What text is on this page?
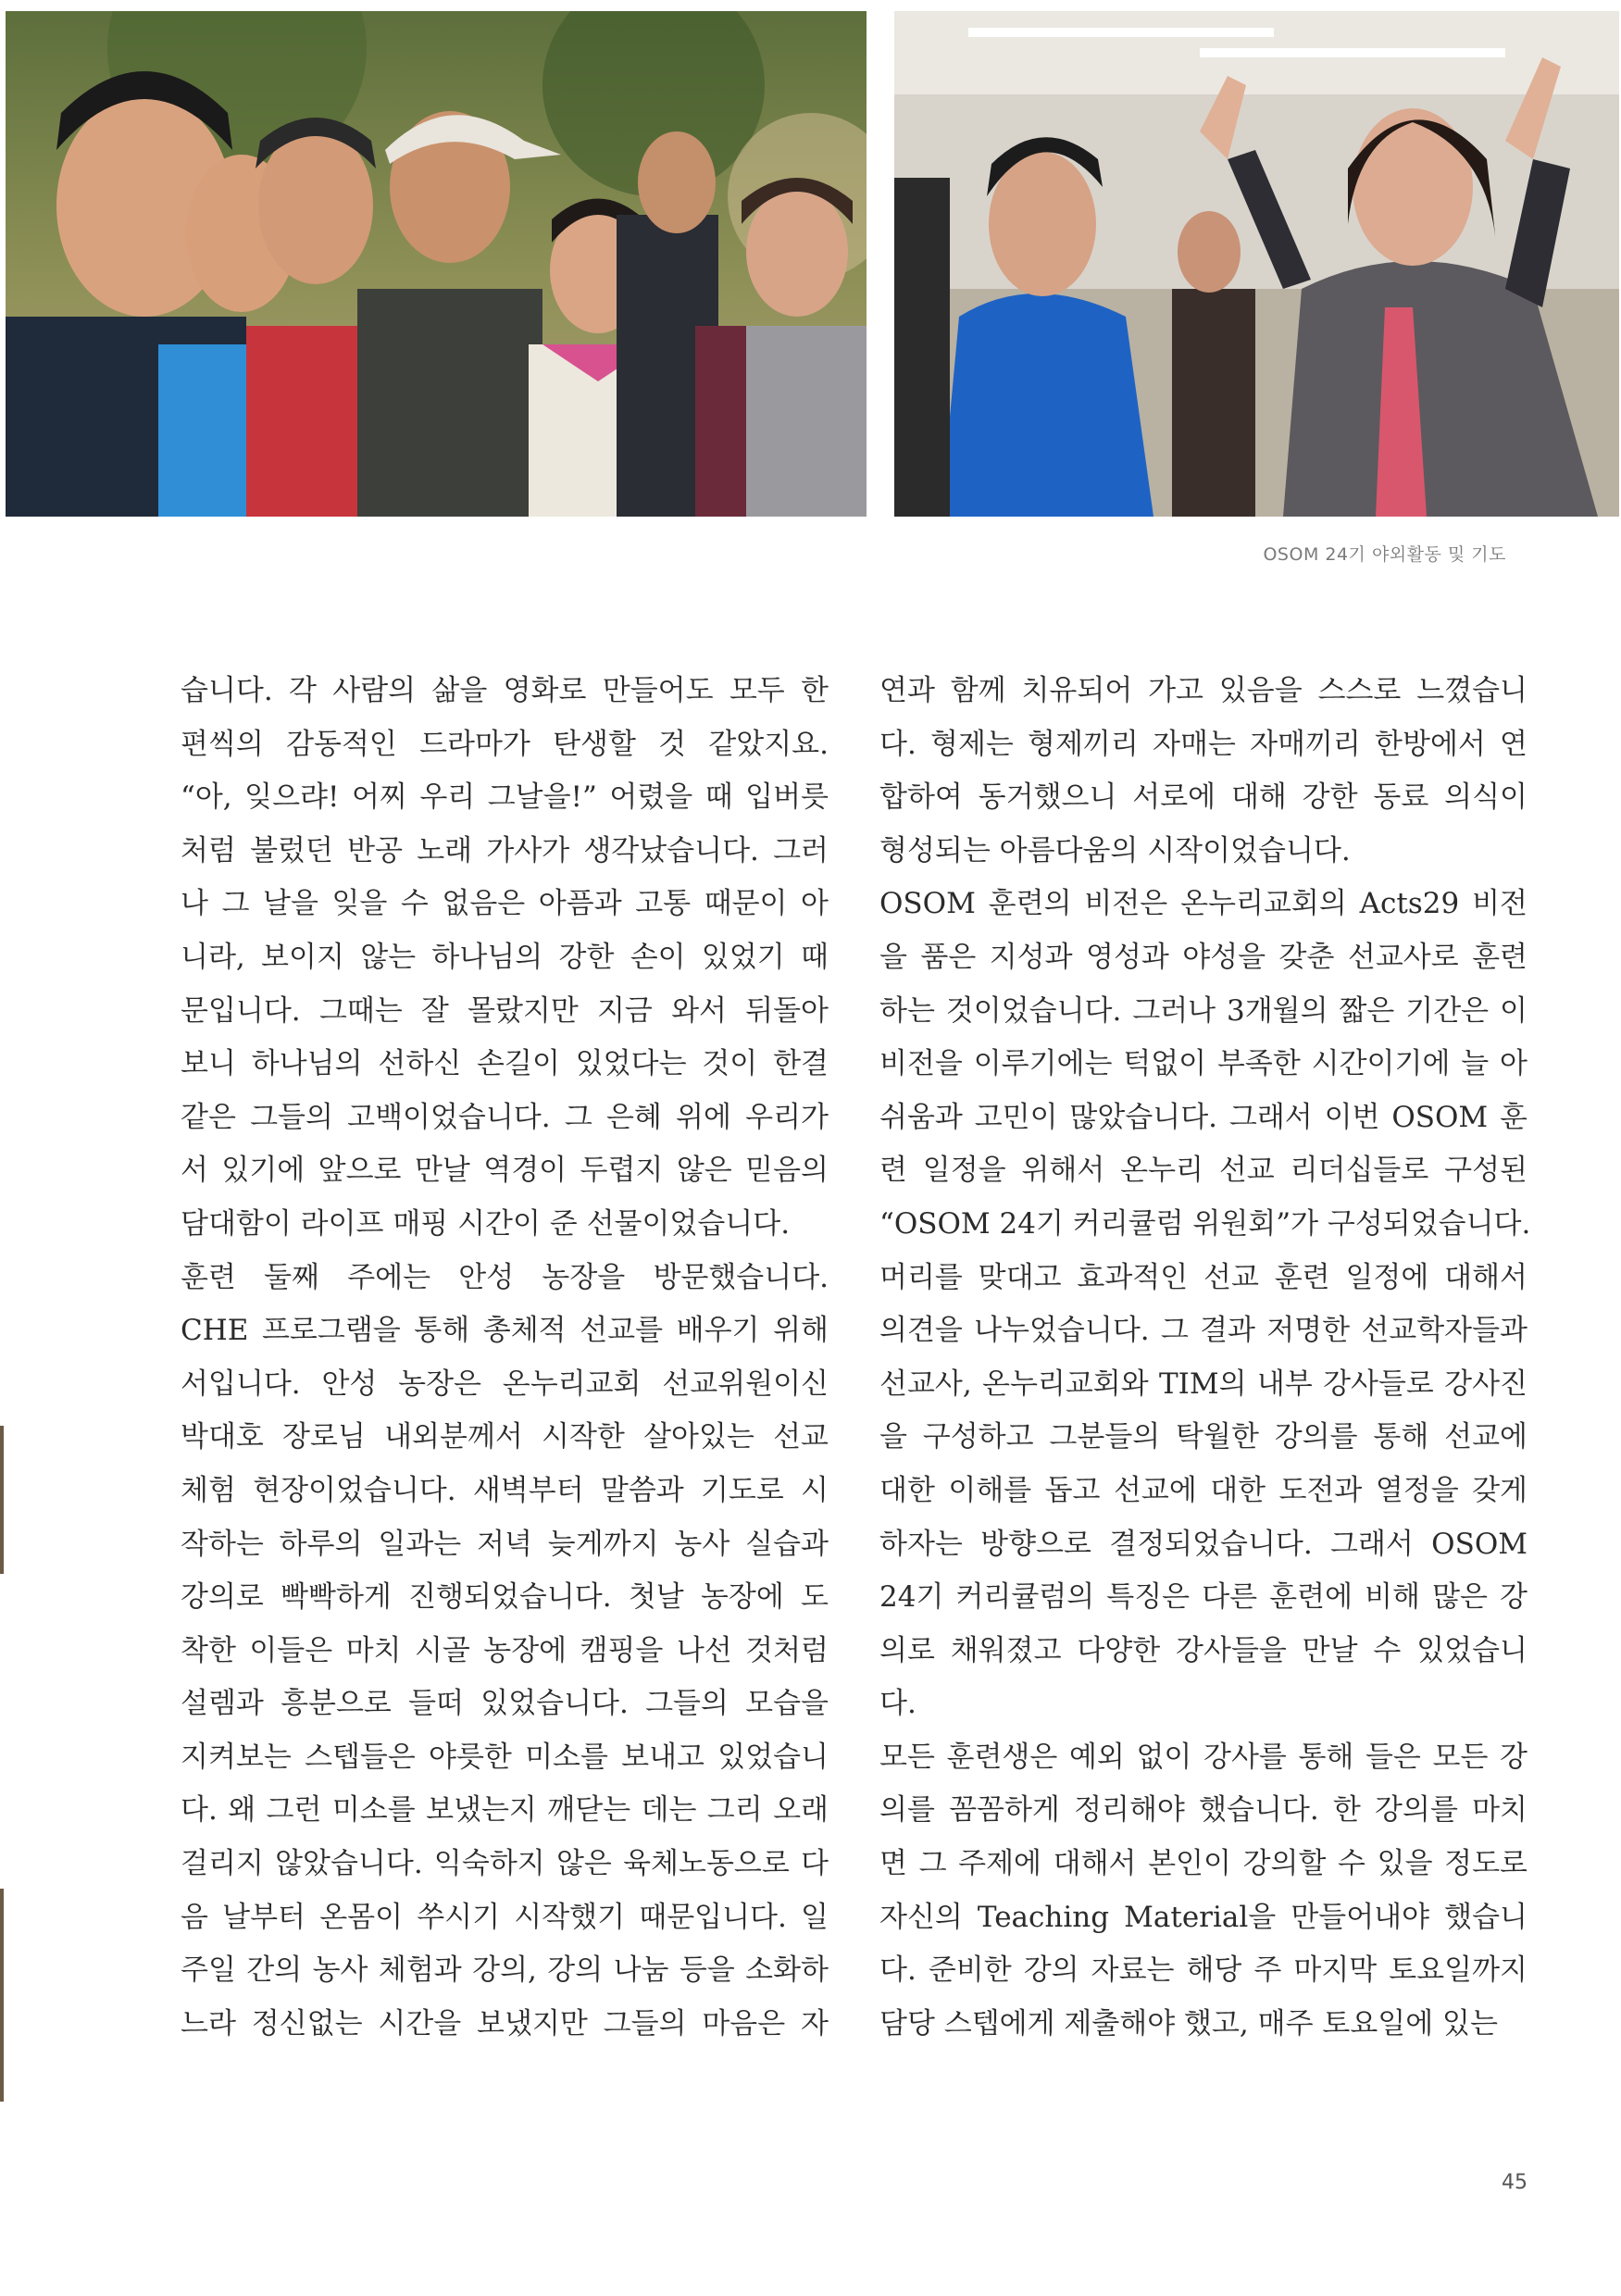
OSOM 24기 야외활동 및 기도
습니다. 각 사람의 삶을 영화로 만들어도 모두 한
편씩의 감동적인 드라마가 탄생할 것 같았지요.
“아, 잊으랴! 어찌 우리 그날을!” 어렸을 때 입버릇
처럼 불렀던 반공 노래 가사가 생각났습니다. 그러
나 그 날을 잊을 수 없음은 아픔과 고통 때문이 아
니라, 보이지 않는 하나님의 강한 손이 있었기 때
문입니다. 그때는 잘 몰랐지만 지금 와서 뒤돌아
보니 하나님의 선하신 손길이 있었다는 것이 한결
같은 그들의 고백이었습니다. 그 은혜 위에 우리가
서 있기에 앞으로 만날 역경이 두렵지 않은 믿음의
담대함이 라이프 매핑 시간이 준 선물이었습니다.
훈련 둘째 주에는 안성 농장을 방문했습니다.
CHE 프로그램을 통해 총체적 선교를 배우기 위해
서입니다. 안성 농장은 온누리교회 선교위원이신
박대호 장로님 내외분께서 시작한 살아있는 선교
체험 현장이었습니다. 새벽부터 말씀과 기도로 시
작하는 하루의 일과는 저녁 늦게까지 농사 실습과
강의로 빡빡하게 진행되었습니다. 첫날 농장에 도
착한 이들은 마치 시골 농장에 캠핑을 나선 것처럼
설렘과 흥분으로 들떠 있었습니다. 그들의 모습을
지켜보는 스텝들은 야릇한 미소를 보내고 있었습니
다. 왜 그런 미소를 보냈는지 깨닫는 데는 그리 오래
걸리지 않았습니다. 익숙하지 않은 육체노동으로 다
음 날부터 온몸이 쑤시기 시작했기 때문입니다. 일
주일 간의 농사 체험과 강의, 강의 나눔 등을 소화하
느라 정신없는 시간을 보냈지만 그들의 마음은 자
연과 함께 치유되어 가고 있음을 스스로 느꼈습니
다. 형제는 형제끼리 자매는 자매끼리 한방에서 연
합하여 동거했으니 서로에 대해 강한 동료 의식이
형성되는 아름다움의 시작이었습니다.
OSOM 훈련의 비전은 온누리교회의 Acts29 비전
을 품은 지성과 영성과 야성을 갖춘 선교사로 훈련
하는 것이었습니다. 그러나 3개월의 짧은 기간은 이
비전을 이루기에는 턱없이 부족한 시간이기에 늘 아
쉬움과 고민이 많았습니다. 그래서 이번 OSOM 훈
련 일정을 위해서 온누리 선교 리더십들로 구성된
“OSOM 24기 커리큘럼 위원회”가 구성되었습니다.
머리를 맞대고 효과적인 선교 훈련 일정에 대해서
의견을 나누었습니다. 그 결과 저명한 선교학자들과
선교사, 온누리교회와 TIM의 내부 강사들로 강사진
을 구성하고 그분들의 탁월한 강의를 통해 선교에
대한 이해를 돕고 선교에 대한 도전과 열정을 갖게
하자는 방향으로 결정되었습니다. 그래서 OSOM
24기 커리큘럼의 특징은 다른 훈련에 비해 많은 강
의로 채워졌고 다양한 강사들을 만날 수 있었습니
다.
모든 훈련생은 예외 없이 강사를 통해 들은 모든 강
의를 꼼꼼하게 정리해야 했습니다. 한 강의를 마치
면 그 주제에 대해서 본인이 강의할 수 있을 정도로
자신의 Teaching Material을 만들어내야 했습니
다. 준비한 강의 자료는 해당 주 마지막 토요일까지
담당 스텝에게 제출해야 했고, 매주 토요일에 있는
45
